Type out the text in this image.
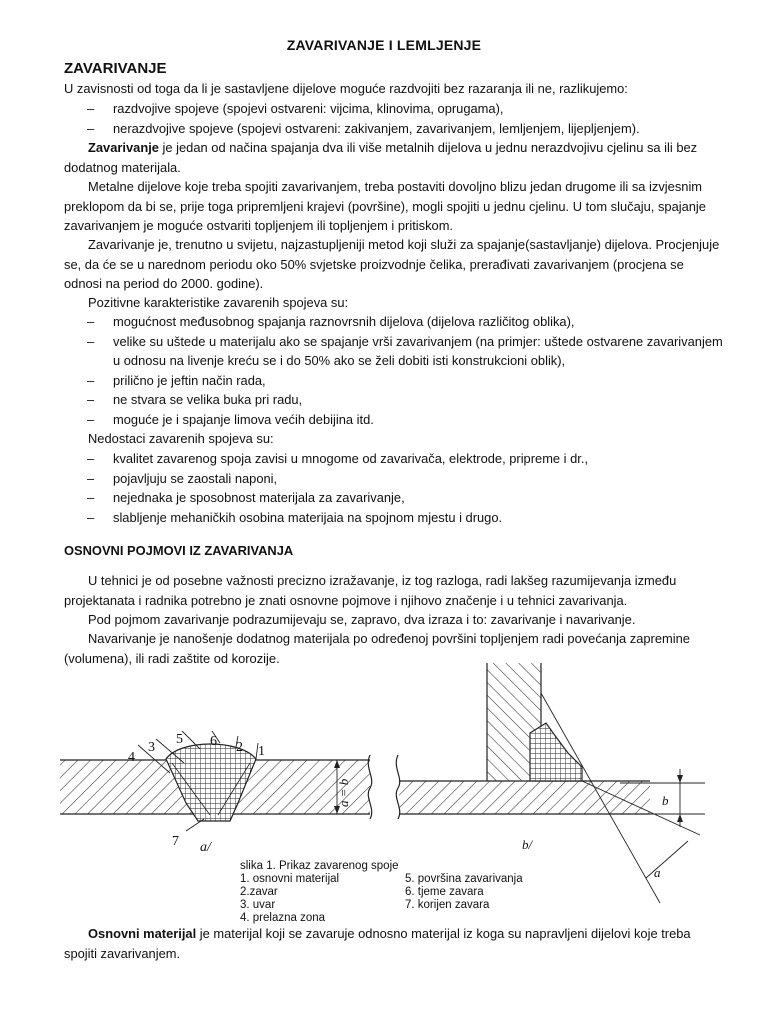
ZAVARIVANJE I LEMLJENJE
ZAVARIVANJE

U zavisnosti od toga da li je sastavljene dijelove moguće razdvojiti bez razaranja ili ne, razlikujemo:

– razdvojive spojeve (spojevi ostvareni: vijcima, klinovima, oprugama),
– nerazdvojive spojeve (spojevi ostvareni: zakivanjem, zavarivanjem, lemljenjem, lijepljenjem).

Zavarivanje je jedan od načina spajanja dva ili više metalnih dijelova u jednu nerazdvojivu cjelinu sa ili bez dodatnog materijala.

Metalne dijelove koje treba spojiti zavarivanjem, treba postaviti dovoljno blizu jedan drugome ili sa izvjesnim preklopom da bi se, prije toga pripremljeni krajevi (površine), mogli spojiti u jednu cjelinu. U tom slučaju, spajanje zavarivanjem je moguće ostvariti topljenjem ili topljenjem i pritiskom.

Zavarivanje je, trenutno u svijetu, najzastupljeniji metod koji služi za spajanje(sastavljanje) dijelova. Procjenjuje se, da će se u narednom periodu oko 50% svjetske proizvodnje čelika, prerađivati zavarivanjem (procjena se odnosi na period do 2000. godine).

Pozitivne karakteristike zavarenih spojeva su:

– mogućnost međusobnog spajanja raznovrsnih dijelova (dijelova različitog oblika),
– velike su uštede u materijalu ako se spajanje vrši zavarivanjem (na primjer: uštede ostvarene zavarivanjem u odnosu na livenje kreću se i do 50% ako se želi dobiti isti konstrukcioni oblik),
– prilično je jeftin način rada,
– ne stvara se velika buka pri radu,
– moguće je i spajanje limova većih debijina itd.

Nedostaci zavarenih spojeva su:

– kvalitet zavarenog spoja zavisi u mnogome od zavarivača, elektrode, pripreme i dr.,
– pojavljuju se zaostali naponi,
– nejednaka je sposobnost materijala za zavarivanje,
– slabljenje mehaničkih osobina materijaia na spojnom mjestu i drugo.
OSNOVNI POJMOVI IZ ZAVARIVANJA

U tehnici je od posebne važnosti precizno izražavanje, iz tog razloga, radi lakšeg razumijevanja između projektanata i radnika potrebno je znati osnovne pojmove i njihovo značenje i u tehnici zavarivanja.

Pod pojmom zavarivanje podrazumijevaju se, zapravo, dva izraza i to: zavarivanje i navarivanje.

Navarivanje je nanošenje dodatnog materijala po određenoj površini topljenjem radi povećanja zapremine (volumena), ili radi zaštite od korozije.

4
3
5 6 2 1
7 a/
a = b	b
a
b/
slika 1. Prikaz zavarenog spoje
1. osnovni materijal
2.zavar
3. uvar
4. prelazna zona
5. površina zavarivanja
6. tjeme zavara
7. korijen zavara

Osnovni materijal je materijal koji se zavaruje odnosno materijal iz koga su napravljeni dijelovi koje treba spojiti zavarivanjem.
